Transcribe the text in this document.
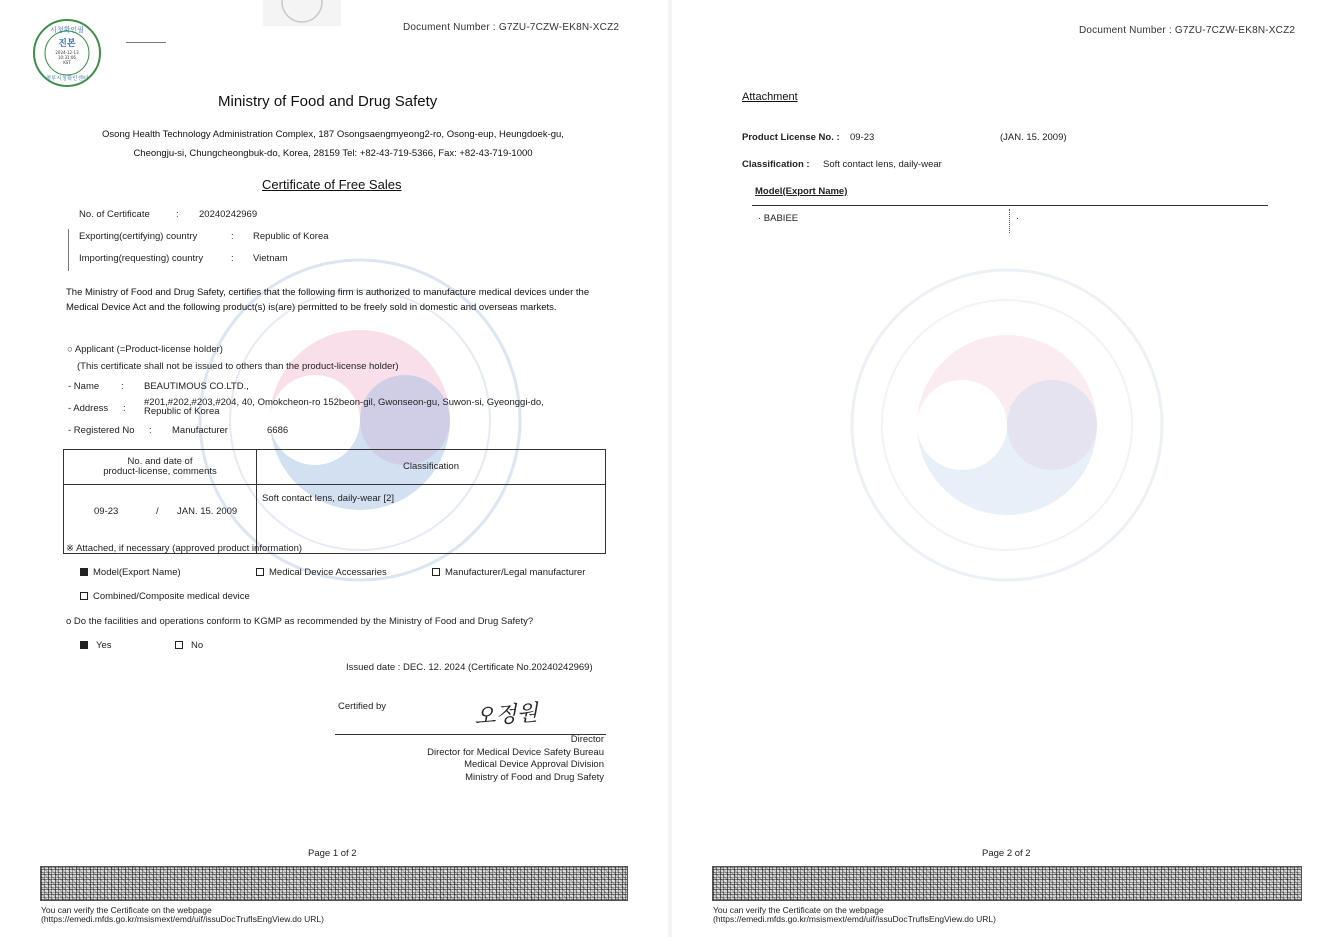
시청확인필
진본
2024-12-13
10:31:06
KST
정부시청확인센터
Document Number : G7ZU-7CZW-EK8N-XCZ2
Ministry of Food and Drug Safety
Osong Health Technology Administration Complex, 187 Osongsaengmyeong2-ro, Osong-eup, Heungdoek-gu,
Cheongju-si, Chungcheongbuk-do, Korea, 28159 Tel: +82-43-719-5366, Fax: +82-43-719-1000
Certificate of Free Sales
No. of Certificate	: 20240242969
Exporting(certifying) country	: Republic of Korea
Importing(requesting) country	: Vietnam
The Ministry of Food and Drug Safety, certifies that the following firm is authorized to manufacture medical devices under the Medical Device Act and the following product(s) is(are) permitted to be freely sold in domestic and overseas markets.
○ Applicant (=Product-license holder)
(This certificate shall not be issued to others than the product-license holder)
- Name : BEAUTIMOUS CO.LTD.,
- Address :
#201,#202,#203,#204, 40, Omokcheon-ro 152beon-gil, Gwonseon-gu, Suwon-si, Gyeonggi-do,
Republic of Korea
- Registered No : Manufacturer	6686
No. and date of
product-license, comments	Classification

09-23 / JAN. 15. 2009	Soft contact lens, daily-wear [2]
※ Attached, if necessary (approved product information)
Model(Export Name)	Medical Device Accessaries	Manufacturer/Legal manufacturer
Combined/Composite medical device
o Do the facilities and operations conform to KGMP as recommended by the Ministry of Food and Drug Safety?
Yes	No
Issued date : DEC. 12. 2024 (Certificate No.20240242969)
Certified by	오정원
Director
Director for Medical Device Safety Bureau
Medical Device Approval Division
Ministry of Food and Drug Safety
Page 1 of 2
You can verify the Certificate on the webpage
(https://emedi.mfds.go.kr/msismext/emd/uif/issuDocTrufIsEngView.do URL)
Document Number : G7ZU-7CZW-EK8N-XCZ2
Attachment
Product License No. : 09-23	(JAN. 15. 2009)
Classification : Soft contact lens, daily-wear
Model(Export Name)
· BABIEE	·
Page 2 of 2
You can verify the Certificate on the webpage
(https://emedi.mfds.go.kr/msismext/emd/uif/issuDocTrufIsEngView.do URL)
